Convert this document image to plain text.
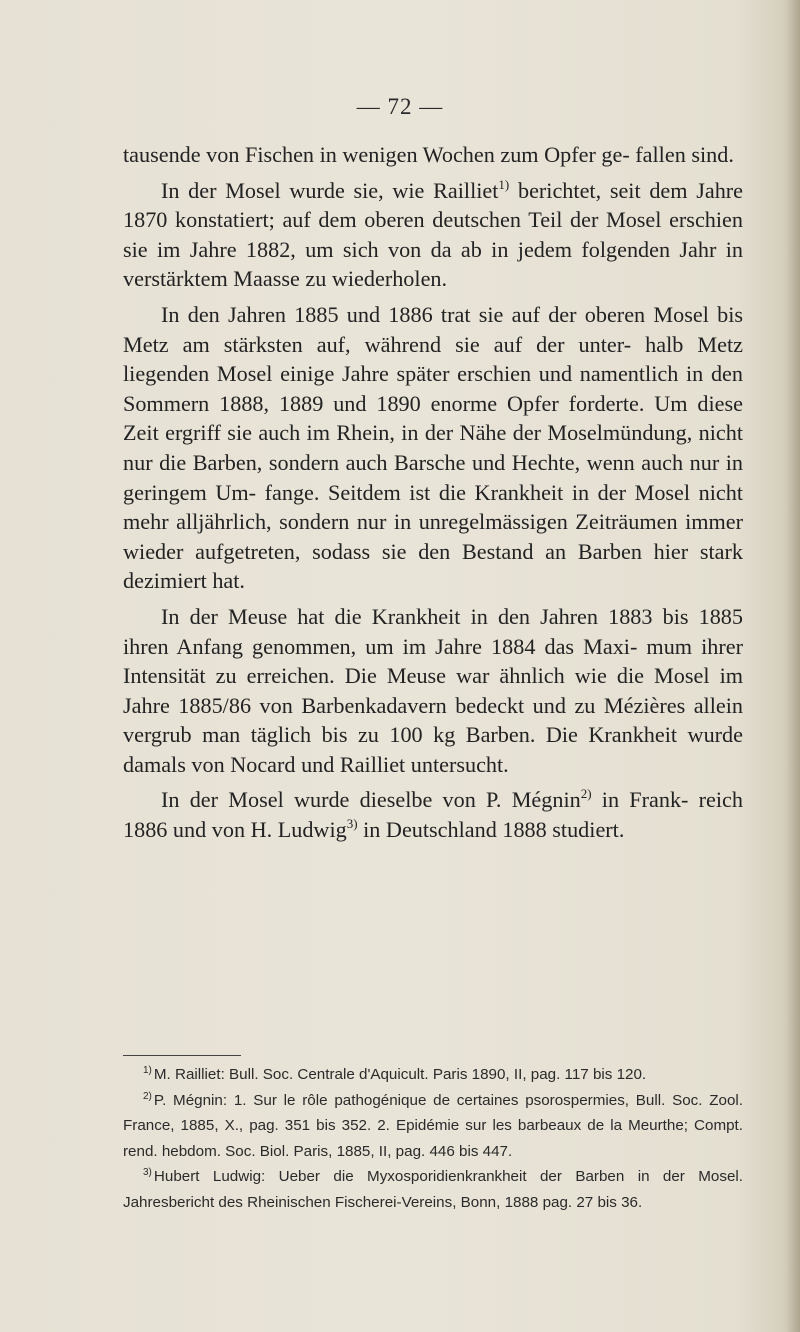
— 72 —

tausende von Fischen in wenigen Wochen zum Opfer ge- fallen sind.

In der Mosel wurde sie, wie Railliet$^{1)}$ berichtet, seit dem Jahre 1870 konstatiert; auf dem oberen deutschen Teil der Mosel erschien sie im Jahre 1882, um sich von da ab in jedem folgenden Jahr in verstärktem Maasse zu wiederholen.

In den Jahren 1885 und 1886 trat sie auf der oberen Mosel bis Metz am stärksten auf, während sie auf der unter- halb Metz liegenden Mosel einige Jahre später erschien und namentlich in den Sommern 1888, 1889 und 1890 enorme Opfer forderte. Um diese Zeit ergriff sie auch im Rhein, in der Nähe der Moselmündung, nicht nur die Barben, sondern auch Barsche und Hechte, wenn auch nur in geringem Um- fange. Seitdem ist die Krankheit in der Mosel nicht mehr alljährlich, sondern nur in unregelmässigen Zeiträumen immer wieder aufgetreten, sodass sie den Bestand an Barben hier stark dezimiert hat.

In der Meuse hat die Krankheit in den Jahren 1883 bis 1885 ihren Anfang genommen, um im Jahre 1884 das Maxi- mum ihrer Intensität zu erreichen. Die Meuse war ähnlich wie die Mosel im Jahre 1885/86 von Barbenkadavern bedeckt und zu Mézières allein vergrub man täglich bis zu 100 kg Barben. Die Krankheit wurde damals von Nocard und Railliet untersucht.

In der Mosel wurde dieselbe von P. Mégnin$^{2)}$ in Frank- reich 1886 und von H. Ludwig$^{3)}$ in Deutschland 1888 studiert.

$^{1)}$ M. Railliet: Bull. Soc. Centrale d'Aquicult. Paris 1890, II, pag. 117 bis 120.

$^{2)}$ P. Mégnin: 1. Sur le rôle pathogénique de certaines psorospermies, Bull. Soc. Zool. France, 1885, X., pag. 351 bis 352. 2. Epidémie sur les barbeaux de la Meurthe; Compt. rend. hebdom. Soc. Biol. Paris, 1885, II, pag. 446 bis 447.

$^{3)}$ Hubert Ludwig: Ueber die Myxosporidienkrankheit der Barben in der Mosel. Jahresbericht des Rheinischen Fischerei-Vereins, Bonn, 1888 pag. 27 bis 36.
